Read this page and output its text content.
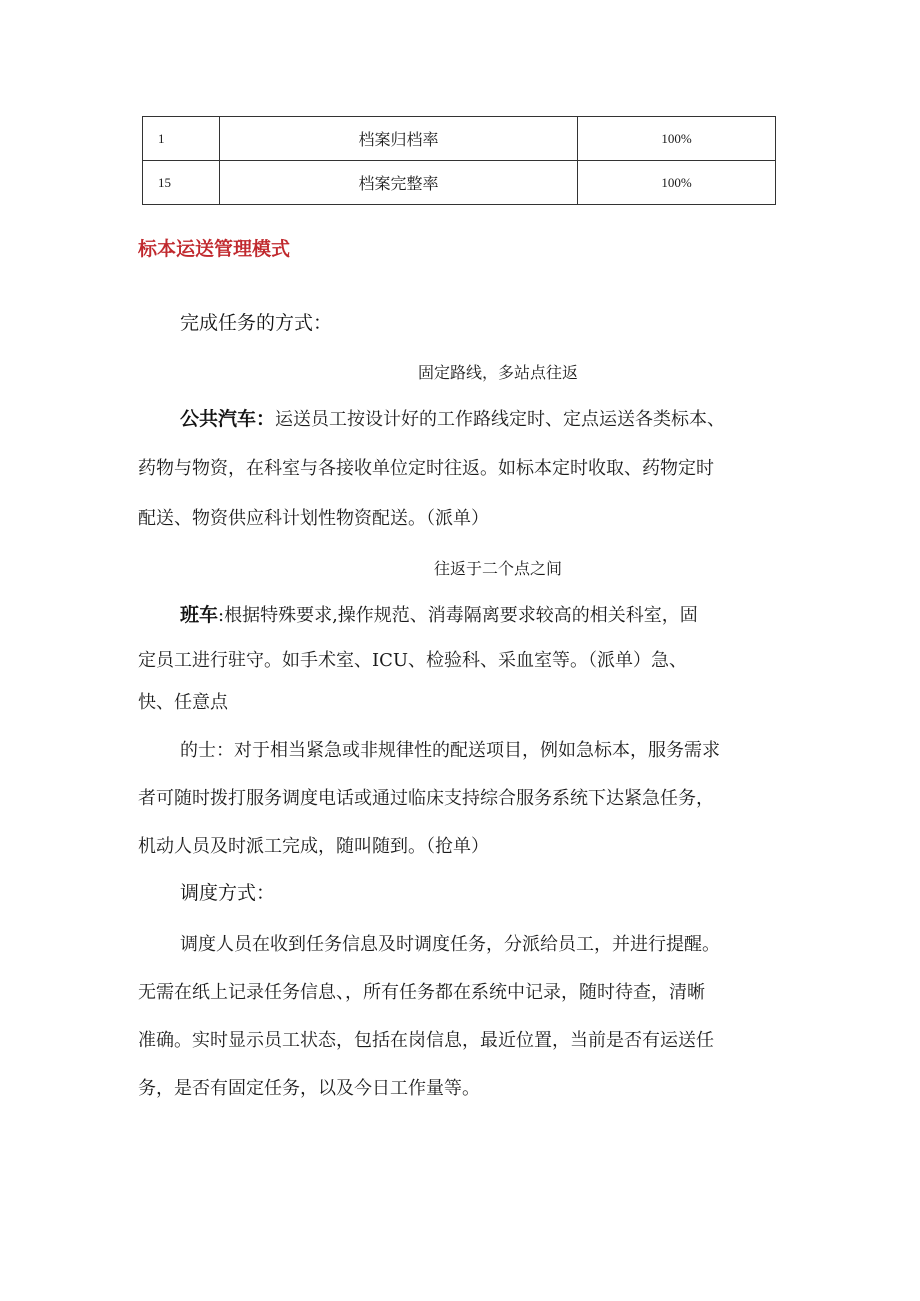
1	档案归档率	100%
15	档案完整率	100%
标本运送管理模式

完成任务的方式：

固定路线，多站点往返

公共汽车：运送员工按设计好的工作路线定时、定点运送各类标本、

药物与物资，在科室与各接收单位定时往返。如标本定时收取、药物定时

配送、物资供应科计划性物资配送。（派单）

往返于二个点之间

班车:根据特殊要求,操作规范、消毒隔离要求较高的相关科室，固

定员工进行驻守。如手术室、ICU、检验科、采血室等。（派单）急、

快、任意点

的士：对于相当紧急或非规律性的配送项目，例如急标本，服务需求

者可随时拨打服务调度电话或通过临床支持综合服务系统下达紧急任务，

机动人员及时派工完成，随叫随到。（抢单）

调度方式：

调度人员在收到任务信息及时调度任务，分派给员工，并进行提醒。

无需在纸上记录任务信息、，所有任务都在系统中记录，随时待查，清晰

准确。实时显示员工状态，包括在岗信息，最近位置，当前是否有运送任

务，是否有固定任务，以及今日工作量等。
